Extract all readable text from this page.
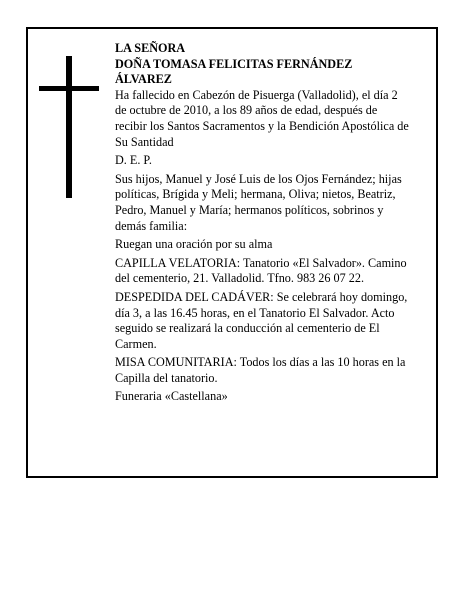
LA SEÑORA
DOÑA TOMASA FELICITAS FERNÁNDEZ
ÁLVAREZ

Ha fallecido en Cabezón de Pisuerga (Valladolid), el día 2 de octubre de 2010, a los 89 años de edad, después de recibir los Santos Sacramentos y la Bendición Apostólica de Su Santidad

D. E. P.

Sus hijos, Manuel y José Luis de los Ojos Fernández; hijas políticas, Brígida y Meli; hermana, Oliva; nietos, Beatriz, Pedro, Manuel y María; hermanos políticos, sobrinos y demás familia:

Ruegan una oración por su alma

CAPILLA VELATORIA: Tanatorio «El Salvador». Camino del cementerio, 21. Valladolid. Tfno. 983 26 07 22.

DESPEDIDA DEL CADÁVER: Se celebrará hoy domingo, día 3, a las 16.45 horas, en el Tanatorio El Salvador. Acto seguido se realizará la conducción al cementerio de El Carmen.

MISA COMUNITARIA: Todos los días a las 10 horas en la Capilla del tanatorio.

Funeraria «Castellana»
